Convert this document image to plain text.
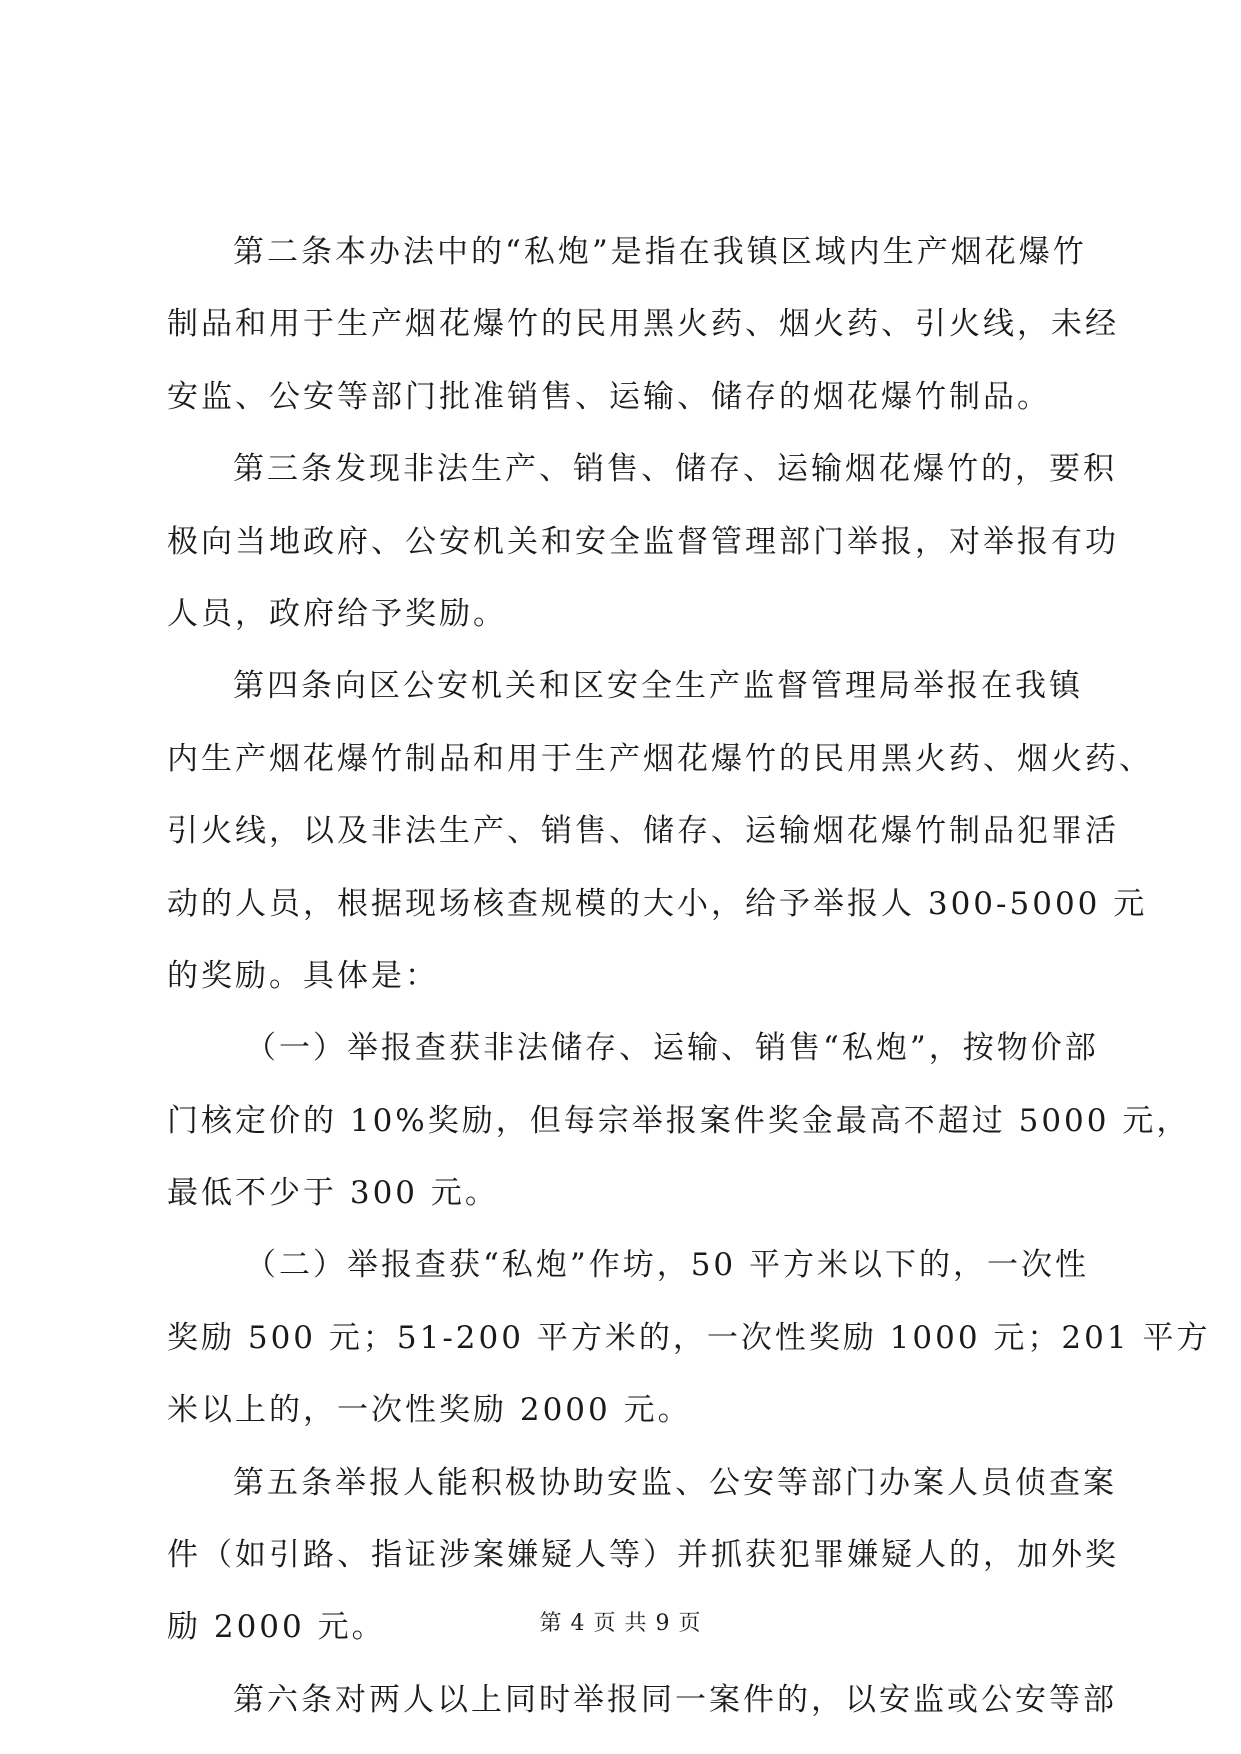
第二条本办法中的“私炮”是指在我镇区域内生产烟花爆竹
制品和用于生产烟花爆竹的民用黑火药、烟火药、引火线，未经
安监、公安等部门批准销售、运输、储存的烟花爆竹制品。
第三条发现非法生产、销售、储存、运输烟花爆竹的，要积
极向当地政府、公安机关和安全监督管理部门举报，对举报有功
人员，政府给予奖励。
第四条向区公安机关和区安全生产监督管理局举报在我镇
内生产烟花爆竹制品和用于生产烟花爆竹的民用黑火药、烟火药、
引火线，以及非法生产、销售、储存、运输烟花爆竹制品犯罪活
动的人员，根据现场核查规模的大小，给予举报人 300-5000 元
的奖励。具体是：
（一）举报查获非法储存、运输、销售“私炮”，按物价部
门核定价的 10%奖励，但每宗举报案件奖金最高不超过 5000 元，
最低不少于 300 元。
（二）举报查获“私炮”作坊，50 平方米以下的，一次性
奖励 500 元；51-200 平方米的，一次性奖励 1000 元；201 平方
米以上的，一次性奖励 2000 元。
第五条举报人能积极协助安监、公安等部门办案人员侦查案
件（如引路、指证涉案嫌疑人等）并抓获犯罪嫌疑人的，加外奖
励 2000 元。
第六条对两人以上同时举报同一案件的，以安监或公安等部
第 4 页 共 9 页
